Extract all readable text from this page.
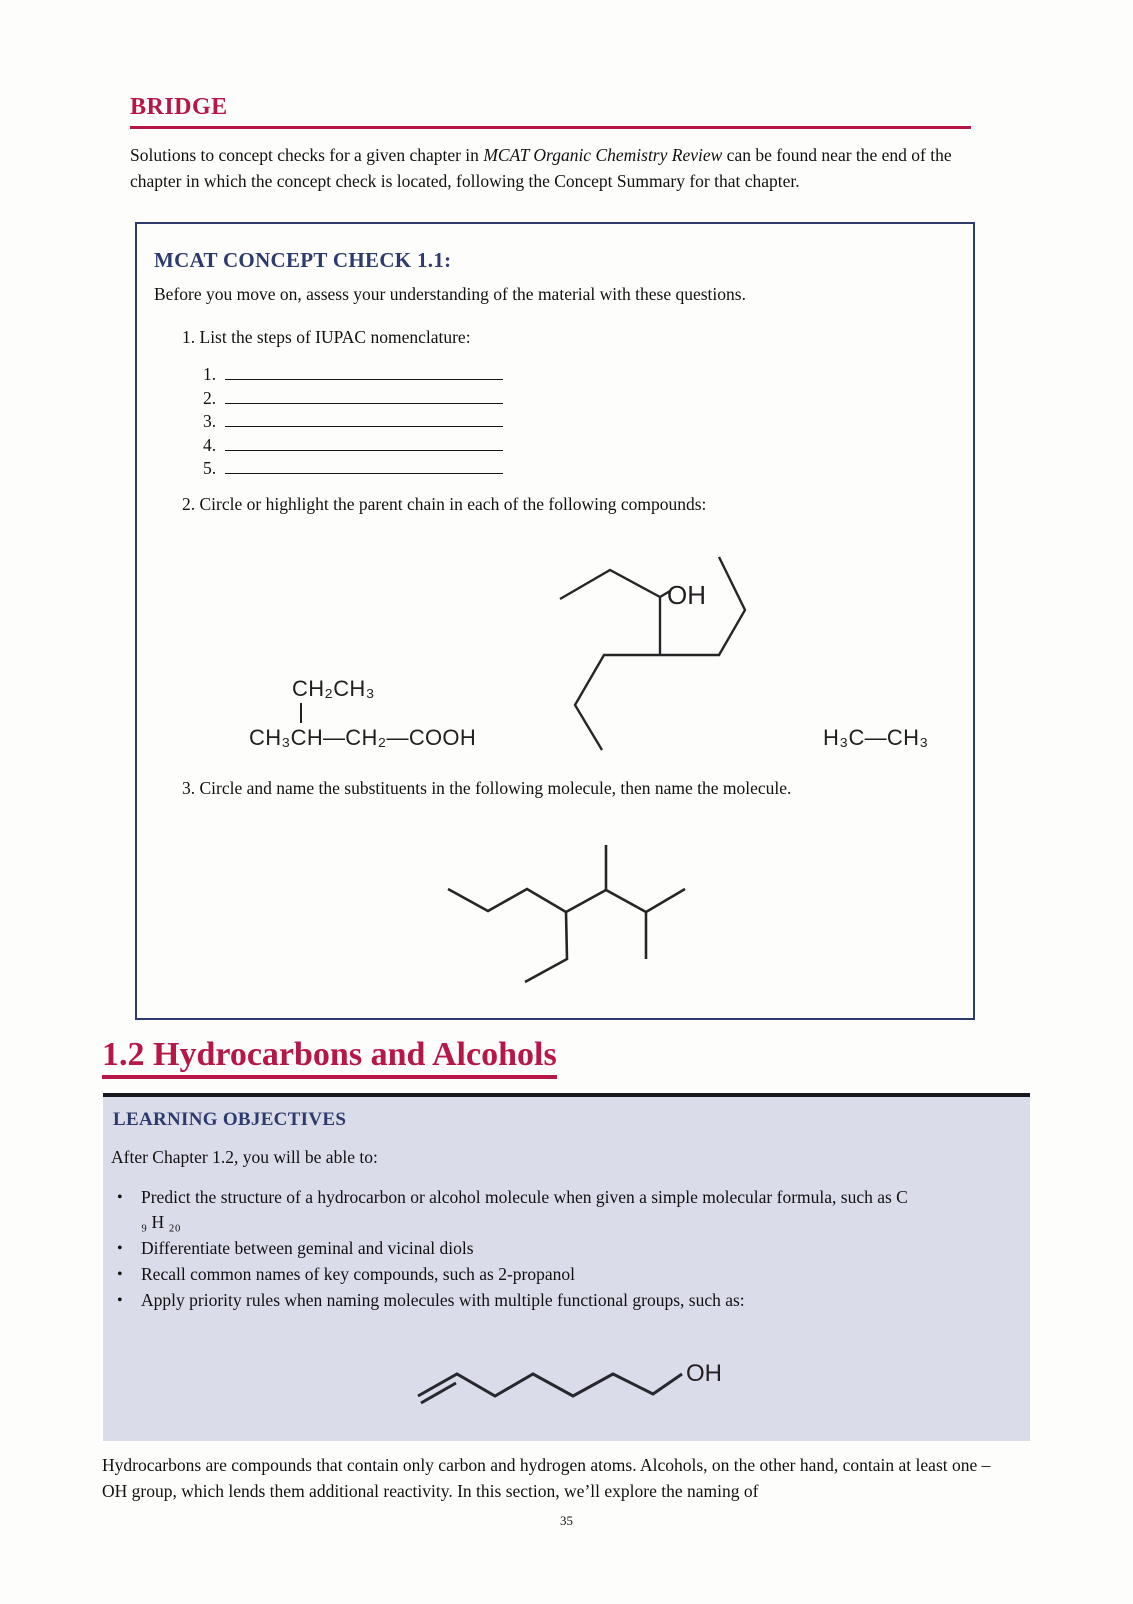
BRIDGE
Solutions to concept checks for a given chapter in MCAT Organic Chemistry Review can be found near the end of the chapter in which the concept check is located, following the Concept Summary for that chapter.
MCAT CONCEPT CHECK 1.1:
Before you move on, assess your understanding of the material with these questions.
1. List the steps of IUPAC nomenclature:
1.
2.
3.
4.
5.
2. Circle or highlight the parent chain in each of the following compounds:
CH₂CH₃
CH₃CH—CH₂—COOH
OH
H₃C—CH₃
3. Circle and name the substituents in the following molecule, then name the molecule.
1.2 Hydrocarbons and Alcohols
LEARNING OBJECTIVES
After Chapter 1.2, you will be able to:
•	Predict the structure of a hydrocarbon or alcohol molecule when given a simple molecular formula, such as C
₉ H ₂₀
•	Differentiate between geminal and vicinal diols
•	Recall common names of key compounds, such as 2-propanol
•	Apply priority rules when naming molecules with multiple functional groups, such as:
OH
Hydrocarbons are compounds that contain only carbon and hydrogen atoms. Alcohols, on the other hand, contain at least one –OH group, which lends them additional reactivity. In this section, we’ll explore the naming of
35
